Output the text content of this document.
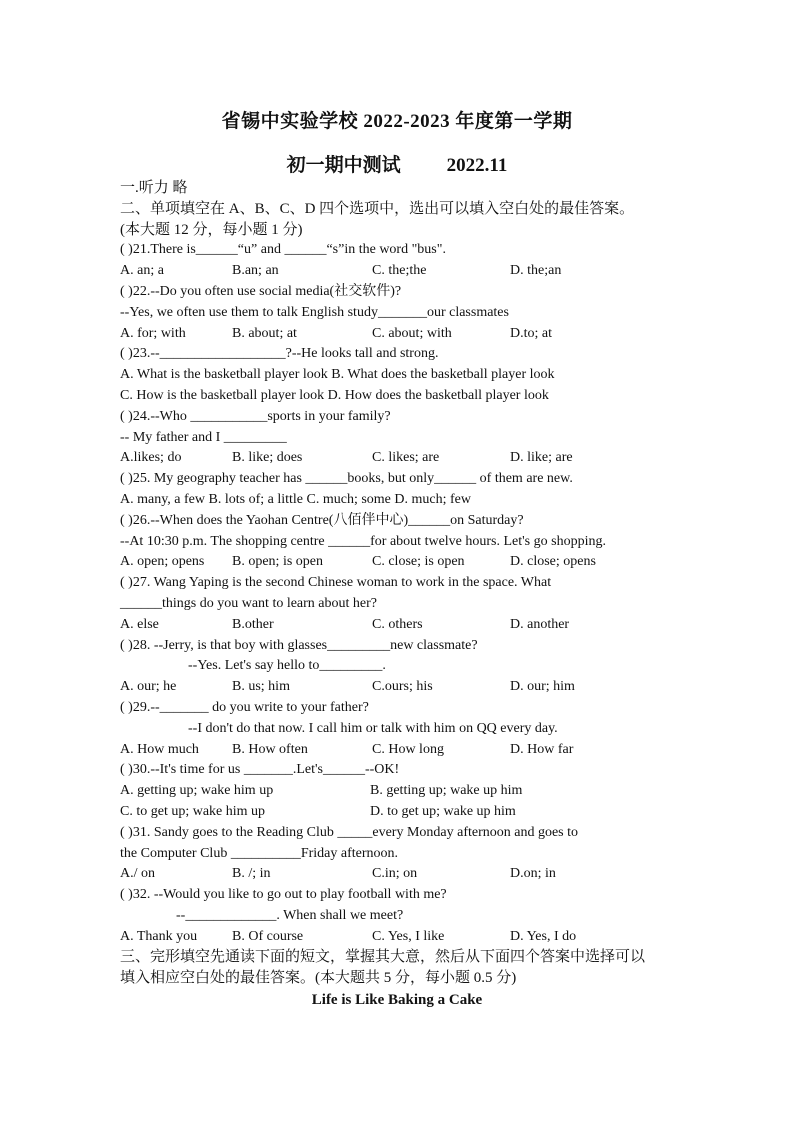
省锡中实验学校 2022-2023 年度第一学期
初一期中测试 2022.11
一.听力 略
二、单项填空在 A、B、C、D 四个选项中，选出可以填入空白处的最佳答案。
(本大题 12 分，每小题 1 分)
( )21.There is______“u” and ______“s”in the word "bus".
A. an; a	B.an; an	C. the;the	D. the;an
( )22.--Do you often use social media(社交软件)?
--Yes, we often use them to talk English study_______our classmates
A. for; with	B. about; at	C. about; with	D.to; at
( )23.--__________________?--He looks tall and strong.
A. What is the basketball player look B. What does the basketball player look
C. How is the basketball player look D. How does the basketball player look
( )24.--Who ___________sports in your family?
-- My father and I _________
A.likes; do	B. like; does	C. likes; are	D. like; are
( )25. My geography teacher has ______books, but only______ of them are new.
A. many, a few B. lots of; a little C. much; some D. much; few
( )26.--When does the Yaohan Centre(八佰伴中心)______on Saturday?
--At 10:30 p.m. The shopping centre ______for about twelve hours. Let's go shopping.
A. open; opens B. open; is open	C. close; is open	D. close; opens
( )27. Wang Yaping is the second Chinese woman to work in the space. What
______things do you want to learn about her?
A. else	B.other	C. others	D. another
( )28. --Jerry, is that boy with glasses_________new classmate?
--Yes. Let's say hello to_________.
A. our; he	B. us; him	C.ours; his	D. our; him
( )29.--_______ do you write to your father?
--I don't do that now. I call him or talk with him on QQ every day.
A. How much B. How often	C. How long	D. How far
( )30.--It's time for us _______.Let's______--OK!
A. getting up; wake him up	B. getting up; wake up him
C. to get up; wake him up	D. to get up; wake up him
( )31. Sandy goes to the Reading Club _____every Monday afternoon and goes to
the Computer Club __________Friday afternoon.
A./ on	B. /; in	C.in; on	D.on; in
( )32. --Would you like to go out to play football with me?
--_____________. When shall we meet?
A. Thank you B. Of course	C. Yes, I like	D. Yes, I do
三、完形填空先通读下面的短文，掌握其大意，然后从下面四个答案中选择可以
填入相应空白处的最佳答案。(本大题共 5 分，每小题 0.5 分)
Life is Like Baking a Cake
